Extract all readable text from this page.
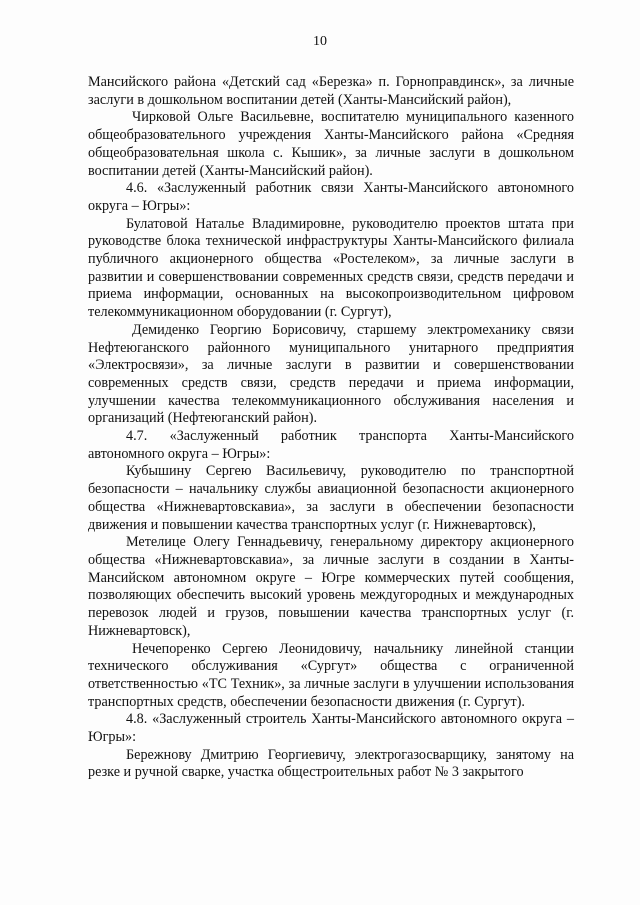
10

Мансийского района «Детский сад «Березка» п. Горноправдинск», за личные заслуги в дошкольном воспитании детей (Ханты-Мансийский район),

Чирковой Ольге Васильевне, воспитателю муниципального казенного общеобразовательного учреждения Ханты-Мансийского района «Средняя общеобразовательная школа с. Кышик», за личные заслуги в дошкольном воспитании детей (Ханты-Мансийский район).

4.6. «Заслуженный работник связи Ханты-Мансийского автономного округа – Югры»:

Булатовой Наталье Владимировне, руководителю проектов штата при руководстве блока технической инфраструктуры Ханты-Мансийского филиала публичного акционерного общества «Ростелеком», за личные заслуги в развитии и совершенствовании современных средств связи, средств передачи и приема информации, основанных на высокопроизводительном цифровом телекоммуникационном оборудовании (г. Сургут),

Демиденко Георгию Борисовичу, старшему электромеханику связи Нефтеюганского районного муниципального унитарного предприятия «Электросвязи», за личные заслуги в развитии и совершенствовании современных средств связи, средств передачи и приема информации, улучшении качества телекоммуникационного обслуживания населения и организаций (Нефтеюганский район).

4.7. «Заслуженный работник транспорта Ханты-Мансийского автономного округа – Югры»:

Кубышину Сергею Васильевичу, руководителю по транспортной безопасности – начальнику службы авиационной безопасности акционерного общества «Нижневартовскавиа», за заслуги в обеспечении безопасности движения и повышении качества транспортных услуг (г. Нижневартовск),

Метелице Олегу Геннадьевичу, генеральному директору акционерного общества «Нижневартовскавиа», за личные заслуги в создании в Ханты-Мансийском автономном округе – Югре коммерческих путей сообщения, позволяющих обеспечить высокий уровень междугородных и международных перевозок людей и грузов, повышении качества транспортных услуг (г. Нижневартовск),

Нечепоренко Сергею Леонидовичу, начальнику линейной станции технического обслуживания «Сургут» общества с ограниченной ответственностью «ТС Техник», за личные заслуги в улучшении использования транспортных средств, обеспечении безопасности движения (г. Сургут).

4.8. «Заслуженный строитель Ханты-Мансийского автономного округа – Югры»:

Бережнову Дмитрию Георгиевичу, электрогазосварщику, занятому на резке и ручной сварке, участка общестроительных работ № 3 закрытого
